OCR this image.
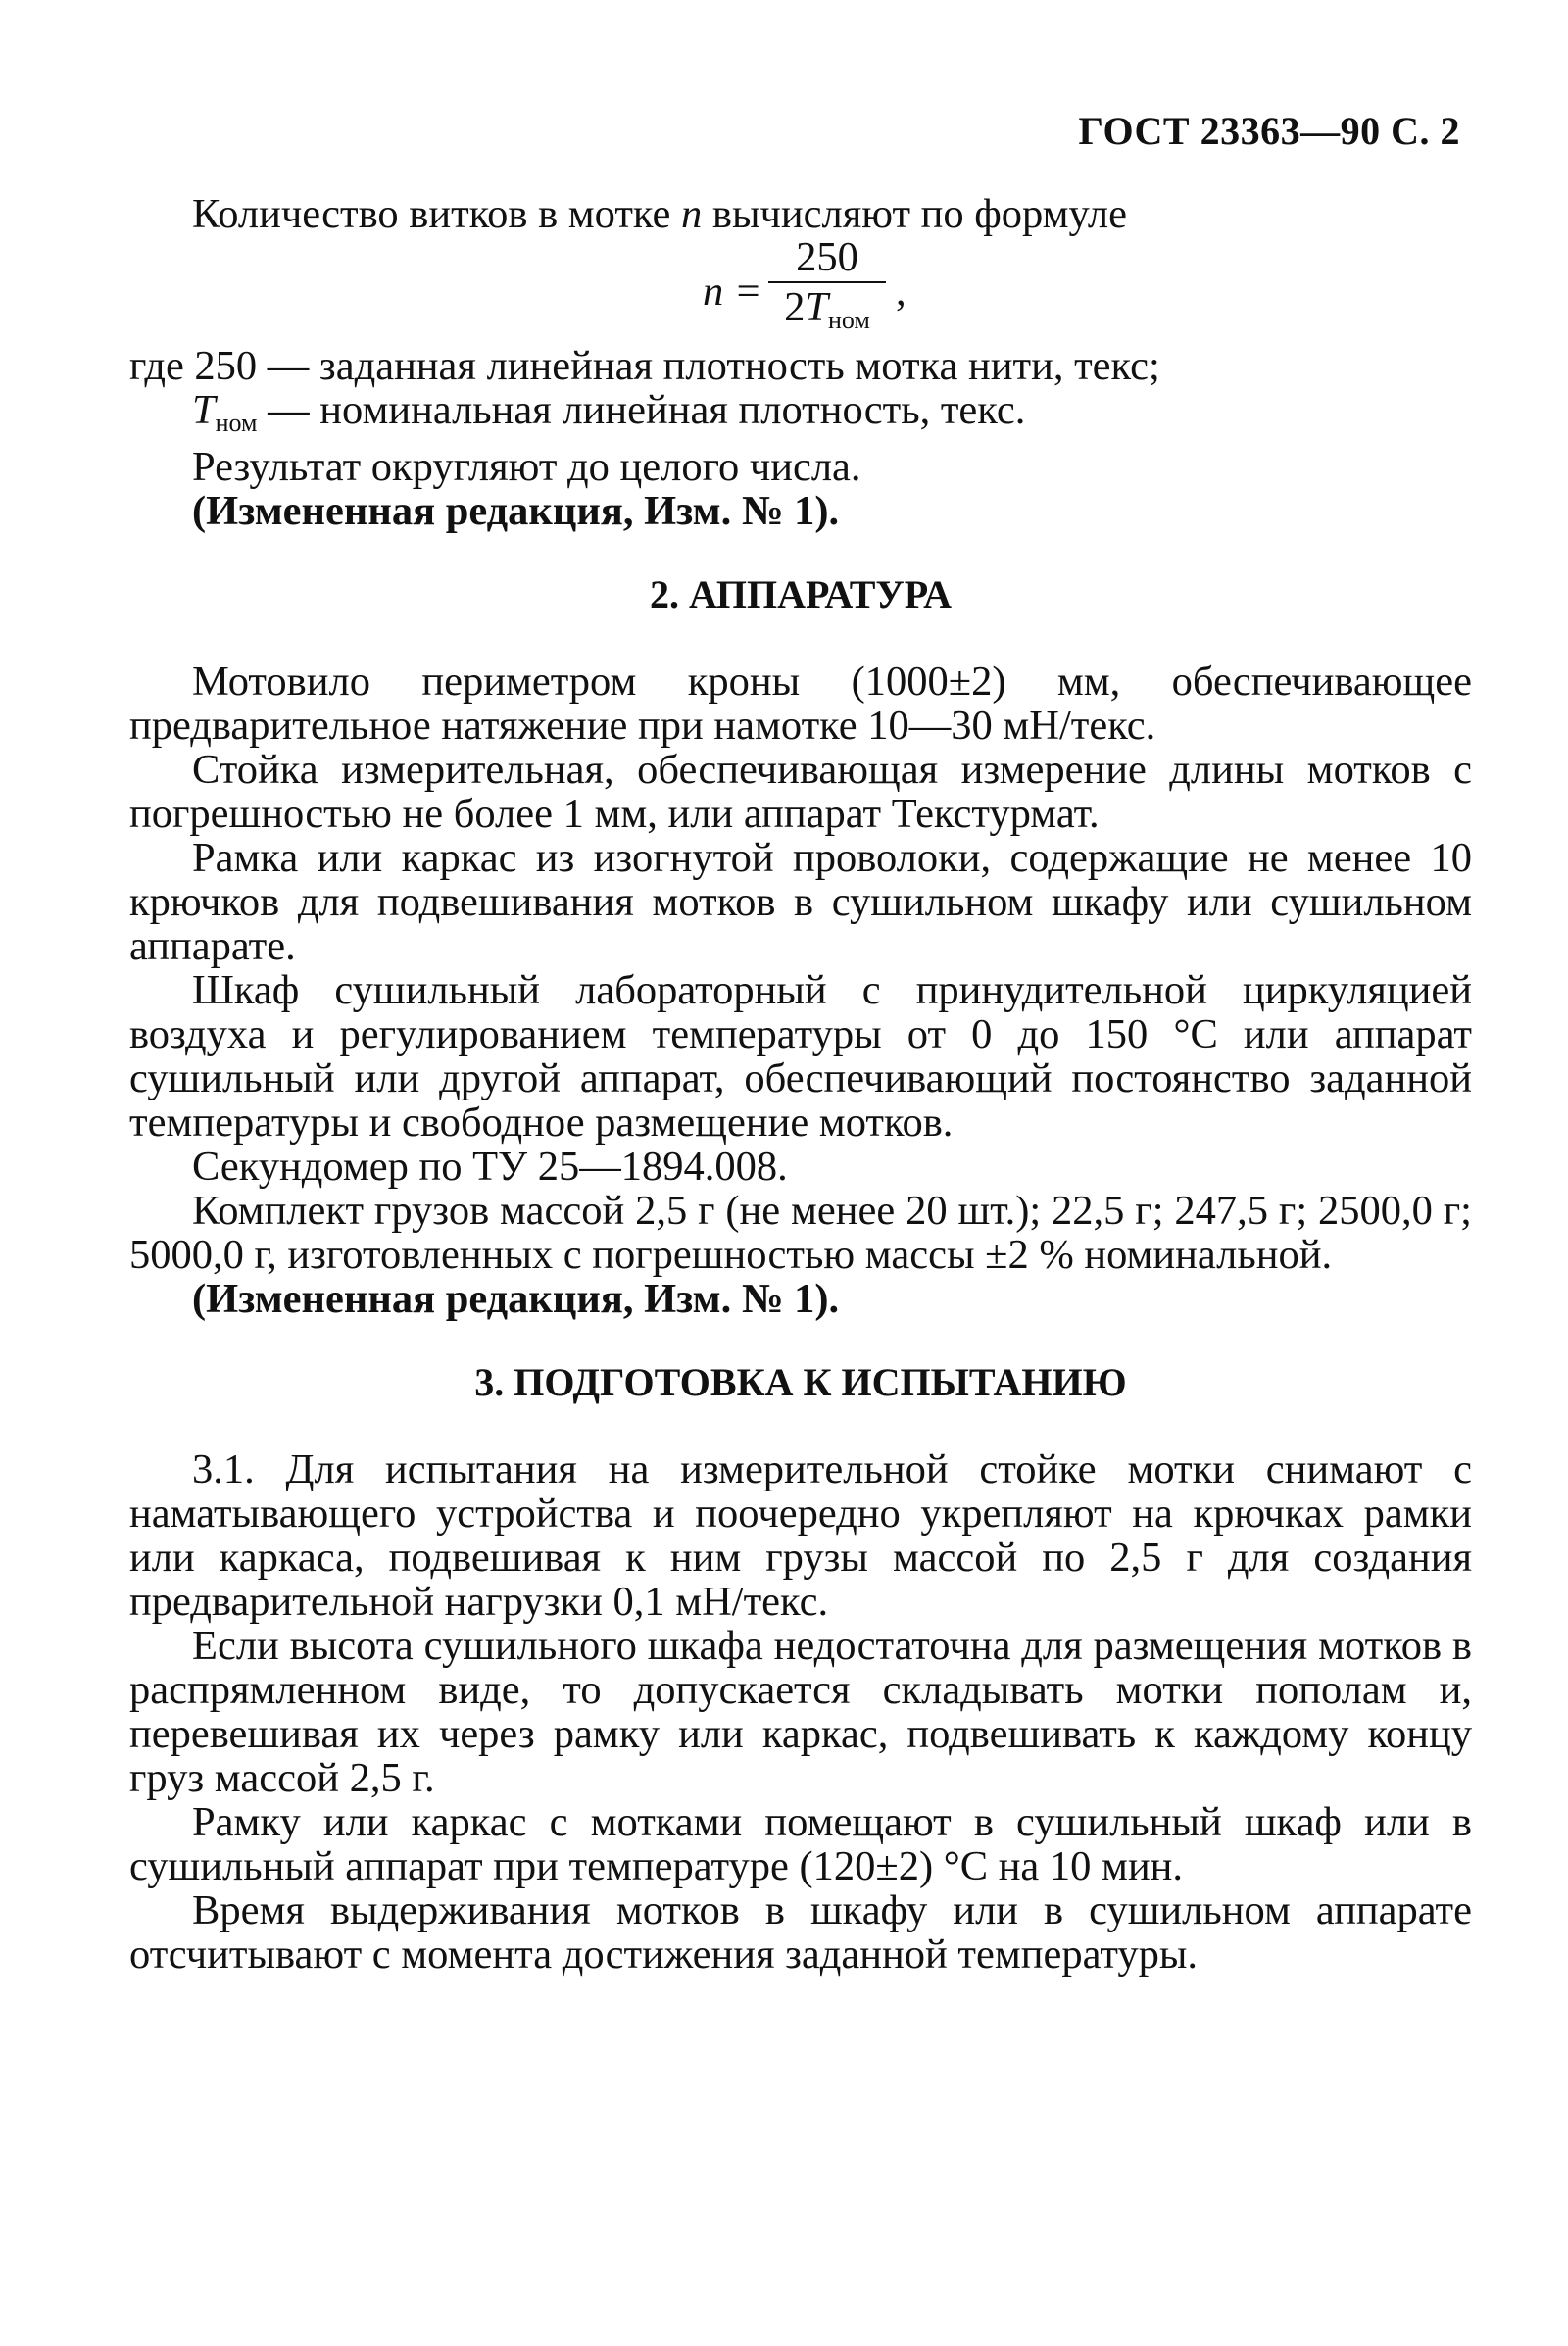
ГОСТ 23363—90 С. 2

Количество витков в мотке n вычисляют по формуле

n =
250
$2T_{ном}$
,

где 250 — заданная линейная плотность мотка нити, текс;

$T_{ном}$ — номинальная линейная плотность, текс.

Результат округляют до целого числа.

(Измененная редакция, Изм. № 1).

2. АППАРАТУРА

Мотовило периметром кроны (1000±2) мм, обеспечивающее предварительное натяжение при намотке 10—30 мН/текс.

Стойка измерительная, обеспечивающая измерение длины мотков с погрешностью не более 1 мм, или аппарат Текстурмат.

Рамка или каркас из изогнутой проволоки, содержащие не менее 10 крючков для подвешивания мотков в сушильном шкафу или сушильном аппарате.

Шкаф сушильный лабораторный с принудительной циркуляцией воздуха и регулированием температуры от 0 до 150 °С или аппарат сушильный или другой аппарат, обеспечивающий постоянство заданной температуры и свободное размещение мотков.

Секундомер по ТУ 25—1894.008.

Комплект грузов массой 2,5 г (не менее 20 шт.); 22,5 г; 247,5 г; 2500,0 г; 5000,0 г, изготовленных с погрешностью массы ±2 % номинальной.

(Измененная редакция, Изм. № 1).

3. ПОДГОТОВКА К ИСПЫТАНИЮ

3.1. Для испытания на измерительной стойке мотки снимают с наматывающего устройства и поочередно укрепляют на крючках рамки или каркаса, подвешивая к ним грузы массой по 2,5 г для создания предварительной нагрузки 0,1 мН/текс.

Если высота сушильного шкафа недостаточна для размещения мотков в распрямленном виде, то допускается складывать мотки пополам и, перевешивая их через рамку или каркас, подвешивать к каждому концу груз массой 2,5 г.

Рамку или каркас с мотками помещают в сушильный шкаф или в сушильный аппарат при температуре (120±2) °С на 10 мин.

Время выдерживания мотков в шкафу или в сушильном аппарате отсчитывают с момента достижения заданной температуры.
